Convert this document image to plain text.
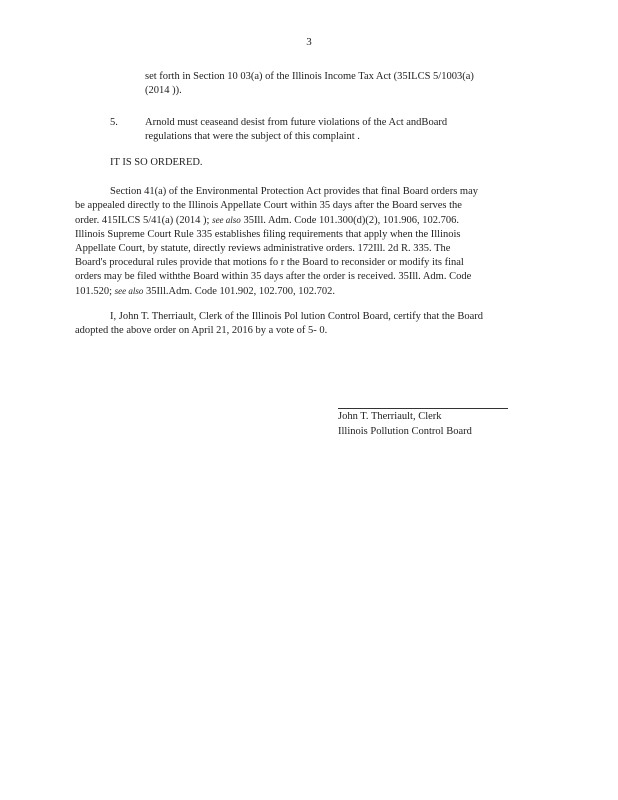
3
set forth in Section 10 03(a) of the Illinois Income Tax Act (35ILCS 5/1003(a)
(2014 )).
5.	Arnold must ceaseand desist from future violations of the Act andBoard
regulations that were the subject of this complaint .
IT IS SO ORDERED.
Section 41(a) of the Environmental Protection Act provides that final Board orders may
be appealed directly to the Illinois Appellate Court within 35 days after the Board serves the
order. 415ILCS 5/41(a) (2014 ); see also 35Ill. Adm. Code 101.300(d)(2), 101.906, 102.706.
Illinois Supreme Court Rule 335 establishes filing requirements that apply when the Illinois
Appellate Court, by statute, directly reviews administrative orders. 172Ill. 2d R. 335. The
Board's procedural rules provide that motions fo r the Board to reconsider or modify its final
orders may be filed withthe Board within 35 days after the order is received. 35Ill. Adm. Code
101.520; see also 35Ill.Adm. Code 101.902, 102.700, 102.702.
I, John T. Therriault, Clerk of the Illinois Pol lution Control Board, certify that the Board
adopted the above order on April 21, 2016 by a vote of 5- 0.
John T. Therriault, Clerk
Illinois Pollution Control Board
